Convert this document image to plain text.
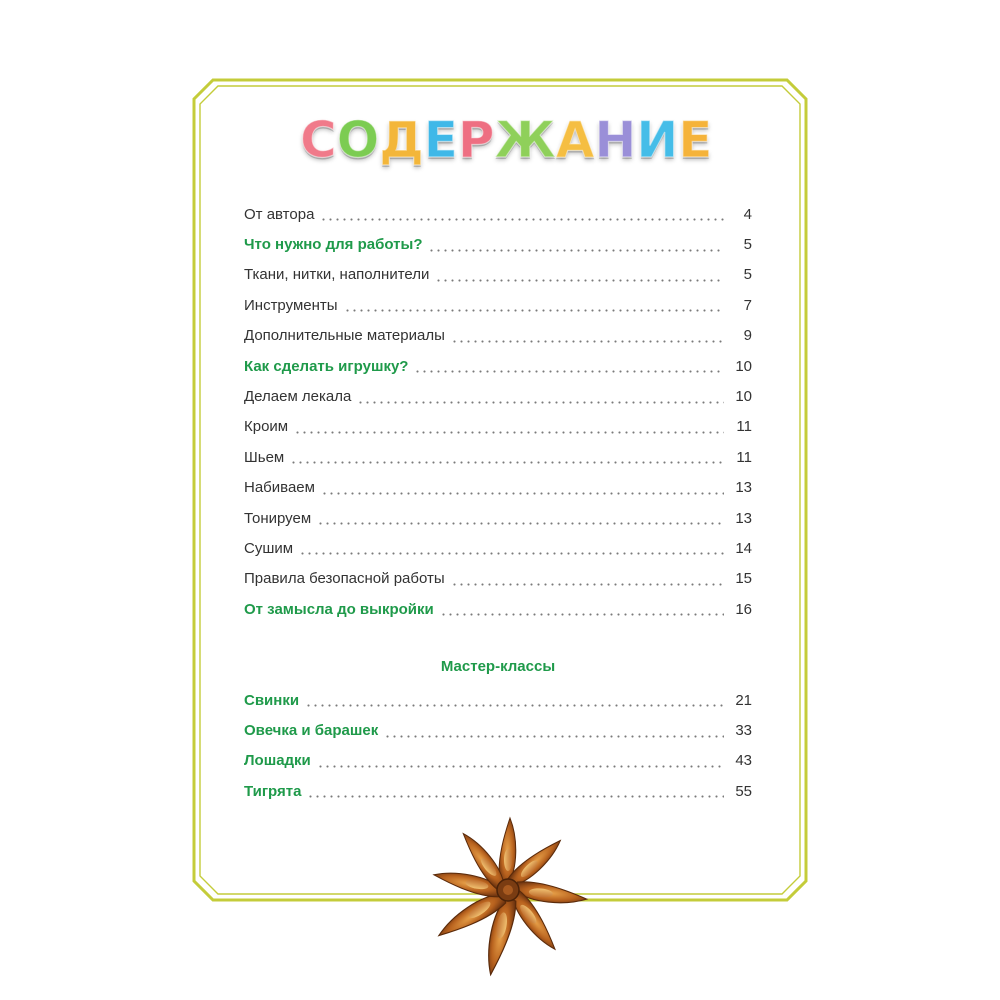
СОДЕРЖАНИЕ
От автора	4
Что нужно для работы?	5
Ткани, нитки, наполнители	5
Инструменты	7
Дополнительные материалы	9
Как сделать игрушку?	10
Делаем лекала	10
Кроим	11
Шьем	11
Набиваем	13
Тонируем	13
Сушим	14
Правила безопасной работы	15
От замысла до выкройки	16
Мастер-классы
Свинки	21
Овечка и барашек	33
Лошадки	43
Тигрята	55
